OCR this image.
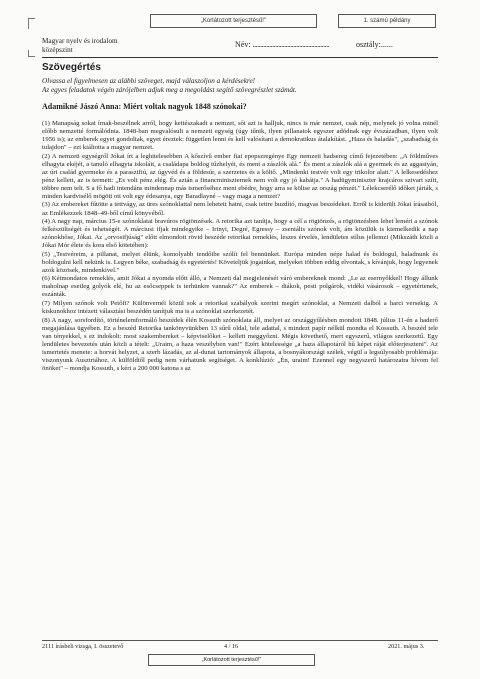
„Korlátozott terjesztésű!"	1. számú példány
Magyar nyelv és irodalom
középszint
Név: ...................................................	osztály:......
Szövegértés
Olvassa el figyelmesen az alábbi szöveget, majd válaszoljon a kérdésekre!
Az egyes feladatok végén zárójelben adjuk meg a megoldást segítő szövegrészlet számát.
Adamikné Jászó Anna: Miért voltak nagyok 1848 szónokai?

(1) Manapság sokat írnak-beszélnek arról, hogy kettészakadt a nemzet, sőt azt is halljuk, nincs is már nemzet, csak nép, melynek jó volna minél előbb nemzetté formálódnia. 1848-ban megvalósult a nemzeti egység (úgy tűnik, ilyen pillanatok egyszer adódnak egy évszázadban, ilyen volt 1956 is); az emberek egyet gondoltak, egyet éreztek: független lenni és kell valósítani a demokratikus átalakítást. „Haza és haladás", „szabadság és tulajdon" – ezt kiáltotta a magyar nemzet.

(2) A nemzeti egységről Jókai írt a leghitelesebben A kőszívű ember fiai epopszregénye Egy nemzeti hadsereg című fejezetében: „A földműves elhagyta ekéjét, a tanuló elhagyta iskoláit, a családapa boldog tűzhelyét, és ment a zászlók alá." És ment a zászlók alá a gyermek és az aggastyán, az úri család gyermeke és a parasztfiú, az úgyvéd és a földesúr, a szerzetes és a költő. „Mindenki testvér volt egy trikolor alatt." A lelkesedéshez pénz kellett, az is termett: „Es volt pénz elég. És aztán a financminiszternek nem volt egy jó kabátja." A hadügyminiszter krajcáros szivart szítt, többre nem telt. S a fő hadi intendáns mindennap más ismerőséhez ment ebédre, hogy arra se költse az ország pénzét." Lélekcserélő időket járták, s minden kardvisélő mögött ott volt egy édesanya, egy Baradlayné – vagy maga a nemzet?

(3) Az embereket fűtötte a tettvágy, az üres szónoklattal nem lehetett hatni, csak tettre buzdító, magvas beszédeket. Erről is kiderült Jókai írásaiból, az Emlékezzek 1848–49-ből című könyvéből.

(4) A nagy nap, március 15-e szónoklatai bravúros rögtönzések. A retorika azt tanítja, hogy a cél a rögtönzés, a rögtönzésben lehet leméri a szónok felkészültségét és tehetségét. A márciusi ifjak mindegyike – Irinyi, Degré, Egressy – zseniális szónok volt, ám közülük is kiemelkedik a nap szónokhőse, Jókai. Az „orvosifjúság" előtt elmondott rövid beszéde retorikai remeklés, leszes érvelés, lendületes stílus jellemzi (Mikszáth közli a Jókai Mór élete és kora első kötetében):

(5) „Testvéreim, a pillanat, melyet élünk, komolyabb tendőibe szólít fel bennünket. Európa minden népe halad és boldogul, haladnunk és boldogulni kell nekünk is. Legyen béke, szabadság és egyetértés! Követeljük jogainkat, melyeket többen eddig elvontak, s kívánjuk, hogy legyenek azok közösek, mindenkivel."

(6) Kétmondatos remeklés, amit Jókai a nyomda előtt álló, a Nemzeti dal megjelenését váró embereknek mond: „Le az esernyőkkel! Hogy állunk maholnap esetleg golyók elé, hu az esőcseppek is terhünkre vannak?" Az emberek – diákok, pesti polgárok, vidéki vásárosok – egyetértenek, eszánták.

(7) Milyen szónok volt Petőfi? Különvernéi közül sok a retorikai szabályok szerint megírt szónoklat, a Nemzeti dalból a harci versekig. A kiskunokhoz intézett választási beszédén tanítjuk ma is a szónoklat szerkezetét.

(8) A nagy, sorsfordító, történelemformáló beszédek élén Kossuth szónoklata áll, melyet az országgyűlésben mondott 1848. július 11-én a haderő megajánlása ügyében. Ez a beszéd Retorika tankönyvünkben 13 sűrű oldal, tele adattal, s mindezt papír nélkül mondta el Kossuth. A beszéd tele van tényekkel, s ez indokolt: most szakembereket – képviselőket – kellett meggyőzni. Mégis követhető, mert egyszerű, világos szerkezetű. Egy lendületes bevezetés után közli a tételt: „Uraim, a haza veszélyben van!" Ezért kötelessége „a haza állapotáról hű képet ráját előterjeszteni". Az ismertetés menete: a horvát helyzet, a szerb lázadás, az al-dunai tartományok állapota, a bosnyákországi szélek, végül a legsúlyosabb problémája: viszonyunk Ausztriához. A külföldtől pedig nem várhatunk segítséget. A konklúzió: „Én, uraim! Ezennel egy negyszerű határozatra hívom fel önöket" – mondja Kossuth, s kéri a 200 000 katona s az

2111 írásbeli vizsga, I. összetevő	4 / 16	2021. május 3.
„Korlátozott terjesztésű!"
